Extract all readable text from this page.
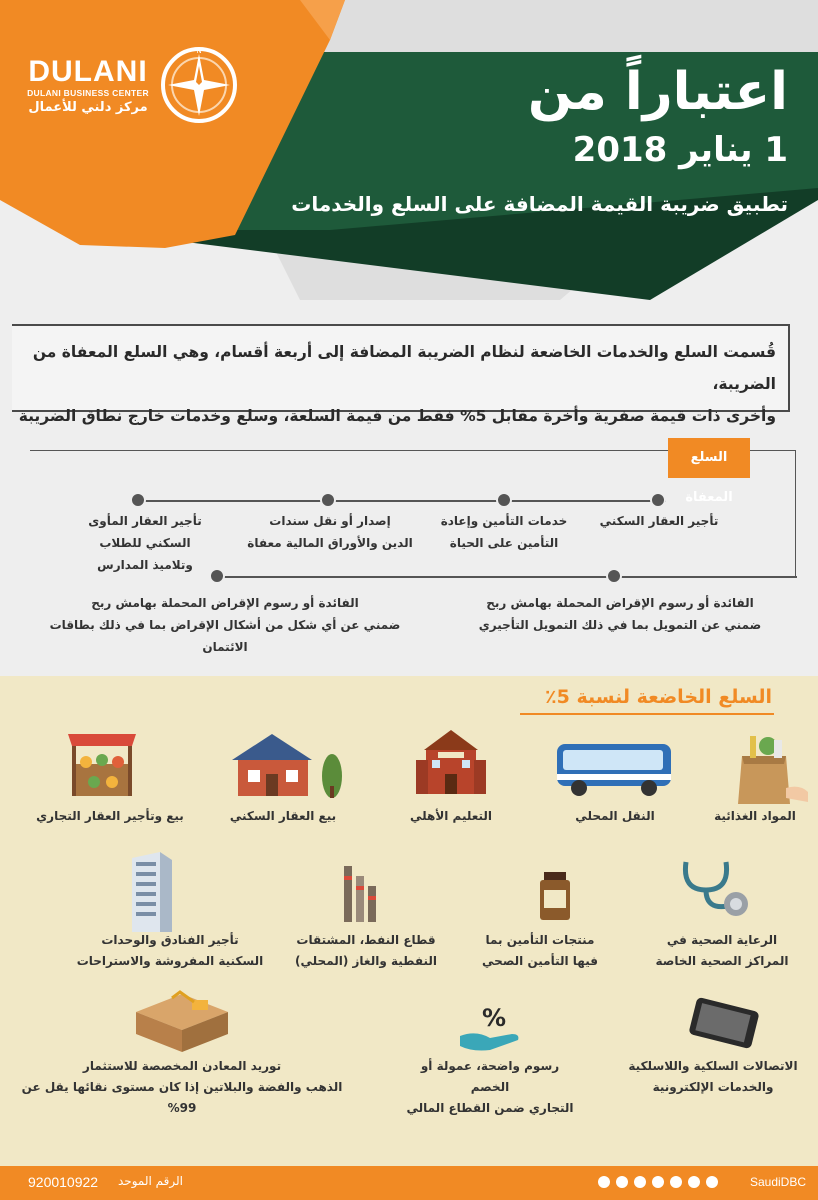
DULANI
DULANI BUSINESS CENTER
مركز دلني للأعمال
N
اعتباراً من
1 يناير 2018
تطبيق ضريبة القيمة المضافة على السلع والخدمات

قُسمت السلع والخدمات الخاضعة لنظام الضريبة المضافة إلى أربعة أقسام، وهي السلع المعفاة من الضريبة،

وأخرى ذات قيمة صفرية وأخرة مقابل 5% فقط من قيمة السلعة، وسلع وخدمات خارج نطاق الضريبة

السلع المعفاة
تأجير العقار السكني
خدمات التأمين وإعادة
التأمين على الحياة
إصدار أو نقل سندات
الدين والأوراق المالية معفاة
تأجير العقار المأوى
السكني للطلاب
وتلاميذ المدارس
الفائدة أو رسوم الإقراض المحملة بهامش ربح
ضمني عن التمويل بما في ذلك التمويل التأجيري
الفائدة أو رسوم الإقراض المحملة بهامش ربح
ضمني عن أي شكل من أشكال الإقراض بما في ذلك بطاقات الائتمان
السلع الخاضعة لنسبة 5٪
المواد الغذائية
النقل المحلي
التعليم الأهلي
بيع العقار السكني
بيع وتأجير العقار التجاري
الرعاية الصحية في
المراكز الصحية الخاصة
منتجات التأمين بما
فيها التأمين الصحي
قطاع النفط، المشتقات
النفطية والغاز (المحلي)
تأجير الفنادق والوحدات
السكنية المفروشة والاستراحات
%
الاتصالات السلكية واللاسلكية
والخدمات الإلكترونية
رسوم واضحة، عمولة أو الخصم
التجاري ضمن القطاع المالي
توريد المعادن المخصصة للاستثمار
الذهب والفضة والبلاتين إذا كان مستوى نقائها يقل عن 99%
920010922 الرقم الموحد	SaudiDBC
